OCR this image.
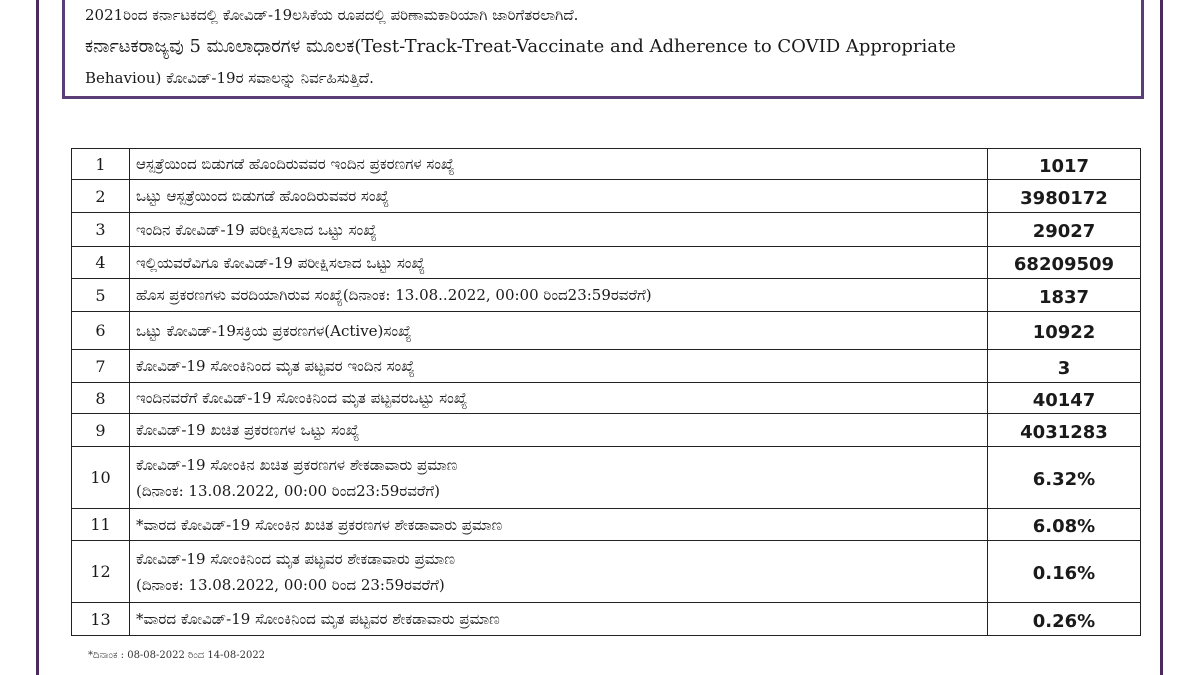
2021ರಿಂದ ಕರ್ನಾಟಕದಲ್ಲಿ ಕೋವಿಡ್-19ಲಸಿಕೆಯ ರೂಪದಲ್ಲಿ ಪರಿಣಾಮಕಾರಿಯಾಗಿ ಜಾರಿಗೆತರಲಾಗಿದೆ.
ಕರ್ನಾಟಕರಾಜ್ಯವು 5 ಮೂಲಾಧಾರಗಳ ಮೂಲಕ(Test-Track-Treat-Vaccinate and Adherence to COVID Appropriate
Behaviou) ಕೋವಿಡ್-19ರ ಸವಾಲನ್ನು ನಿರ್ವಹಿಸುತ್ತಿದೆ.
1	ಆಸ್ಪತ್ರೆಯಿಂದ ಬಿಡುಗಡೆ ಹೊಂದಿರುವವರ ಇಂದಿನ ಪ್ರಕರಣಗಳ ಸಂಖ್ಯೆ	1017
2	ಒಟ್ಟು ಆಸ್ಪತ್ರೆಯಿಂದ ಬಿಡುಗಡೆ ಹೊಂದಿರುವವರ ಸಂಖ್ಯೆ	3980172
3	ಇಂದಿನ ಕೋವಿಡ್-19 ಪರೀಕ್ಷಿಸಲಾದ ಒಟ್ಟು ಸಂಖ್ಯೆ	29027
4	ಇಲ್ಲಿಯವರೆವಿಗೂ ಕೋವಿಡ್-19 ಪರೀಕ್ಷಿಸಲಾದ ಒಟ್ಟು ಸಂಖ್ಯೆ	68209509
5	ಹೊಸ ಪ್ರಕರಣಗಳು ವರದಿಯಾಗಿರುವ ಸಂಖ್ಯೆ(ದಿನಾಂಕ: 13.08..2022, 00:00 ರಿಂದ23:59ರವರೆಗೆ)	1837
6	ಒಟ್ಟು ಕೋವಿಡ್-19ಸಕ್ರಿಯ ಪ್ರಕರಣಗಳ(Active)ಸಂಖ್ಯೆ	10922
7	ಕೋವಿಡ್-19 ಸೋಂಕಿನಿಂದ ಮೃತ ಪಟ್ಟವರ ಇಂದಿನ ಸಂಖ್ಯೆ	3
8	ಇಂದಿನವರೆಗೆ ಕೋವಿಡ್-19 ಸೋಂಕಿನಿಂದ ಮೃತ ಪಟ್ಟವರಒಟ್ಟು ಸಂಖ್ಯೆ	40147
9	ಕೋವಿಡ್-19 ಖಚಿತ ಪ್ರಕರಣಗಳ ಒಟ್ಟು ಸಂಖ್ಯೆ	4031283
10	ಕೋವಿಡ್-19 ಸೋಂಕಿನ ಖಚಿತ ಪ್ರಕರಣಗಳ ಶೇಕಡಾವಾರು ಪ್ರಮಾಣ
(ದಿನಾಂಕ: 13.08.2022, 00:00 ರಿಂದ23:59ರವರೆಗೆ)	6.32%
11	*ವಾರದ ಕೋವಿಡ್-19 ಸೋಂಕಿನ ಖಚಿತ ಪ್ರಕರಣಗಳ ಶೇಕಡಾವಾರು ಪ್ರಮಾಣ	6.08%
12	ಕೋವಿಡ್-19 ಸೋಂಕಿನಿಂದ ಮೃತ ಪಟ್ಟವರ ಶೇಕಡಾವಾರು ಪ್ರಮಾಣ
(ದಿನಾಂಕ: 13.08.2022, 00:00 ರಿಂದ 23:59ರವರೆಗೆ)	0.16%
13	*ವಾರದ ಕೋವಿಡ್-19 ಸೋಂಕಿನಿಂದ ಮೃತ ಪಟ್ಟವರ ಶೇಕಡಾವಾರು ಪ್ರಮಾಣ	0.26%
*ದಿನಾಂಕ : 08-08-2022 ರಿಂದ 14-08-2022
